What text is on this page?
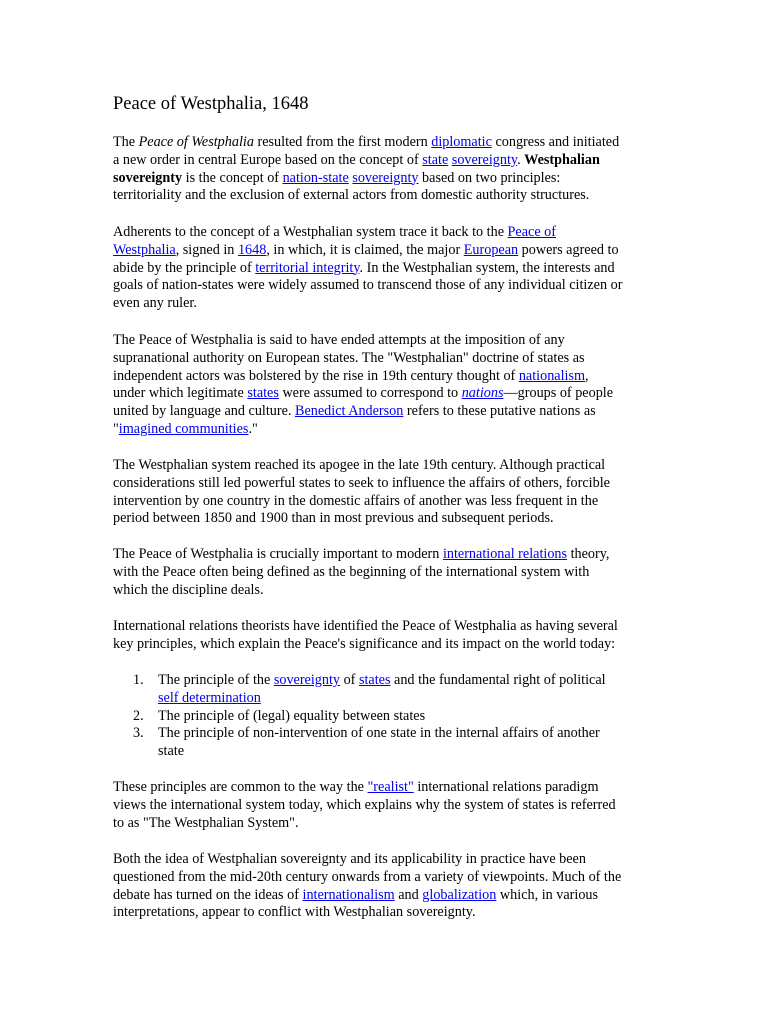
Peace of Westphalia, 1648
The Peace of Westphalia resulted from the first modern diplomatic congress and initiated
a new order in central Europe based on the concept of state sovereignty. Westphalian
sovereignty is the concept of nation-state sovereignty based on two principles:
territoriality and the exclusion of external actors from domestic authority structures.
Adherents to the concept of a Westphalian system trace it back to the Peace of
Westphalia, signed in 1648, in which, it is claimed, the major European powers agreed to
abide by the principle of territorial integrity. In the Westphalian system, the interests and
goals of nation-states were widely assumed to transcend those of any individual citizen or
even any ruler.
The Peace of Westphalia is said to have ended attempts at the imposition of any
supranational authority on European states. The "Westphalian" doctrine of states as
independent actors was bolstered by the rise in 19th century thought of nationalism,
under which legitimate states were assumed to correspond to nations—groups of people
united by language and culture. Benedict Anderson refers to these putative nations as
"imagined communities."
The Westphalian system reached its apogee in the late 19th century. Although practical
considerations still led powerful states to seek to influence the affairs of others, forcible
intervention by one country in the domestic affairs of another was less frequent in the
period between 1850 and 1900 than in most previous and subsequent periods.
The Peace of Westphalia is crucially important to modern international relations theory,
with the Peace often being defined as the beginning of the international system with
which the discipline deals.
International relations theorists have identified the Peace of Westphalia as having several
key principles, which explain the Peace's significance and its impact on the world today:
1. The principle of the sovereignty of states and the fundamental right of political
self determination
2. The principle of (legal) equality between states
3. The principle of non-intervention of one state in the internal affairs of another
state
These principles are common to the way the "realist" international relations paradigm
views the international system today, which explains why the system of states is referred
to as "The Westphalian System".
Both the idea of Westphalian sovereignty and its applicability in practice have been
questioned from the mid-20th century onwards from a variety of viewpoints. Much of the
debate has turned on the ideas of internationalism and globalization which, in various
interpretations, appear to conflict with Westphalian sovereignty.
